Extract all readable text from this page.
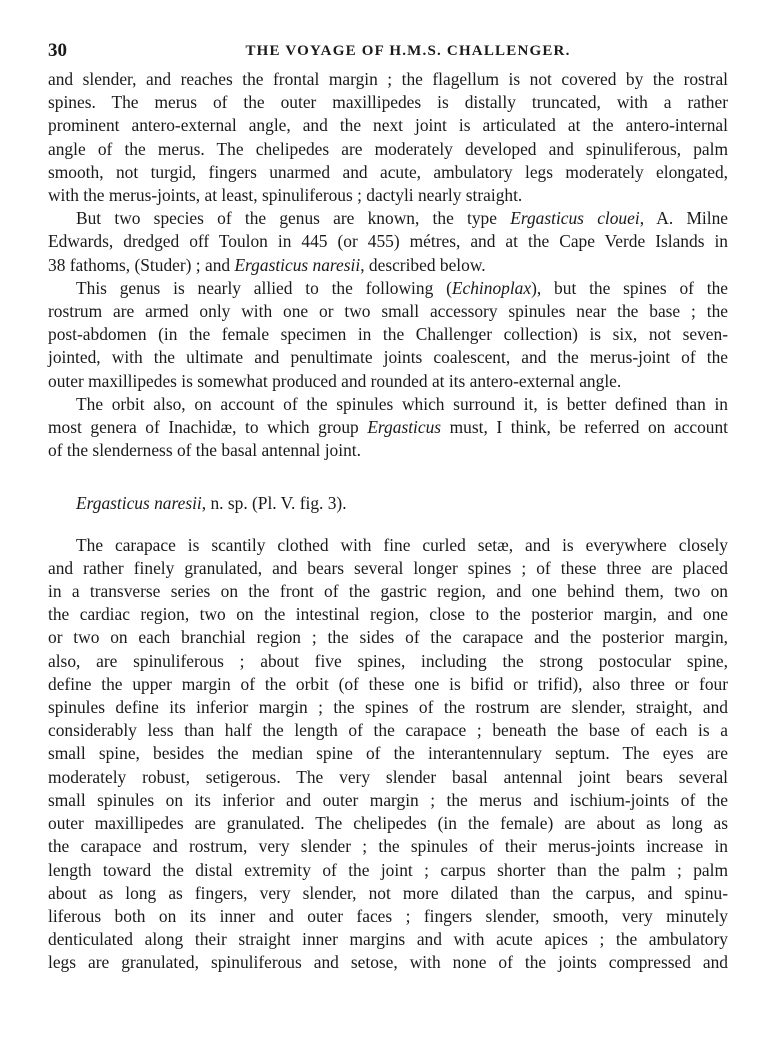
30	THE VOYAGE OF H.M.S. CHALLENGER.
and slender, and reaches the frontal margin ; the flagellum is not covered by the rostral
spines. The merus of the outer maxillipedes is distally truncated, with a rather
prominent antero-external angle, and the next joint is articulated at the antero-internal
angle of the merus. The chelipedes are moderately developed and spinuliferous, palm
smooth, not turgid, fingers unarmed and acute, ambulatory legs moderately elongated,
with the merus-joints, at least, spinuliferous ; dactyli nearly straight.
But two species of the genus are known, the type Ergasticus clouei, A. Milne
Edwards, dredged off Toulon in 445 (or 455) métres, and at the Cape Verde Islands in
38 fathoms, (Studer) ; and Ergasticus naresii, described below.
This genus is nearly allied to the following (Echinoplax), but the spines of the
rostrum are armed only with one or two small accessory spinules near the base ; the
post-abdomen (in the female specimen in the Challenger collection) is six, not seven-
jointed, with the ultimate and penultimate joints coalescent, and the merus-joint of the
outer maxillipedes is somewhat produced and rounded at its antero-external angle.
The orbit also, on account of the spinules which surround it, is better defined than in
most genera of Inachidæ, to which group Ergasticus must, I think, be referred on account
of the slenderness of the basal antennal joint.
Ergasticus naresii, n. sp. (Pl. V. fig. 3).
The carapace is scantily clothed with fine curled setæ, and is everywhere closely
and rather finely granulated, and bears several longer spines ; of these three are placed
in a transverse series on the front of the gastric region, and one behind them, two on
the cardiac region, two on the intestinal region, close to the posterior margin, and one
or two on each branchial region ; the sides of the carapace and the posterior margin,
also, are spinuliferous ; about five spines, including the strong postocular spine,
define the upper margin of the orbit (of these one is bifid or trifid), also three or four
spinules define its inferior margin ; the spines of the rostrum are slender, straight, and
considerably less than half the length of the carapace ; beneath the base of each is a
small spine, besides the median spine of the interantennulary septum. The eyes are
moderately robust, setigerous. The very slender basal antennal joint bears several
small spinules on its inferior and outer margin ; the merus and ischium-joints of the
outer maxillipedes are granulated. The chelipedes (in the female) are about as long as
the carapace and rostrum, very slender ; the spinules of their merus-joints increase in
length toward the distal extremity of the joint ; carpus shorter than the palm ; palm
about as long as fingers, very slender, not more dilated than the carpus, and spinu-
liferous both on its inner and outer faces ; fingers slender, smooth, very minutely
denticulated along their straight inner margins and with acute apices ; the ambulatory
legs are granulated, spinuliferous and setose, with none of the joints compressed and
